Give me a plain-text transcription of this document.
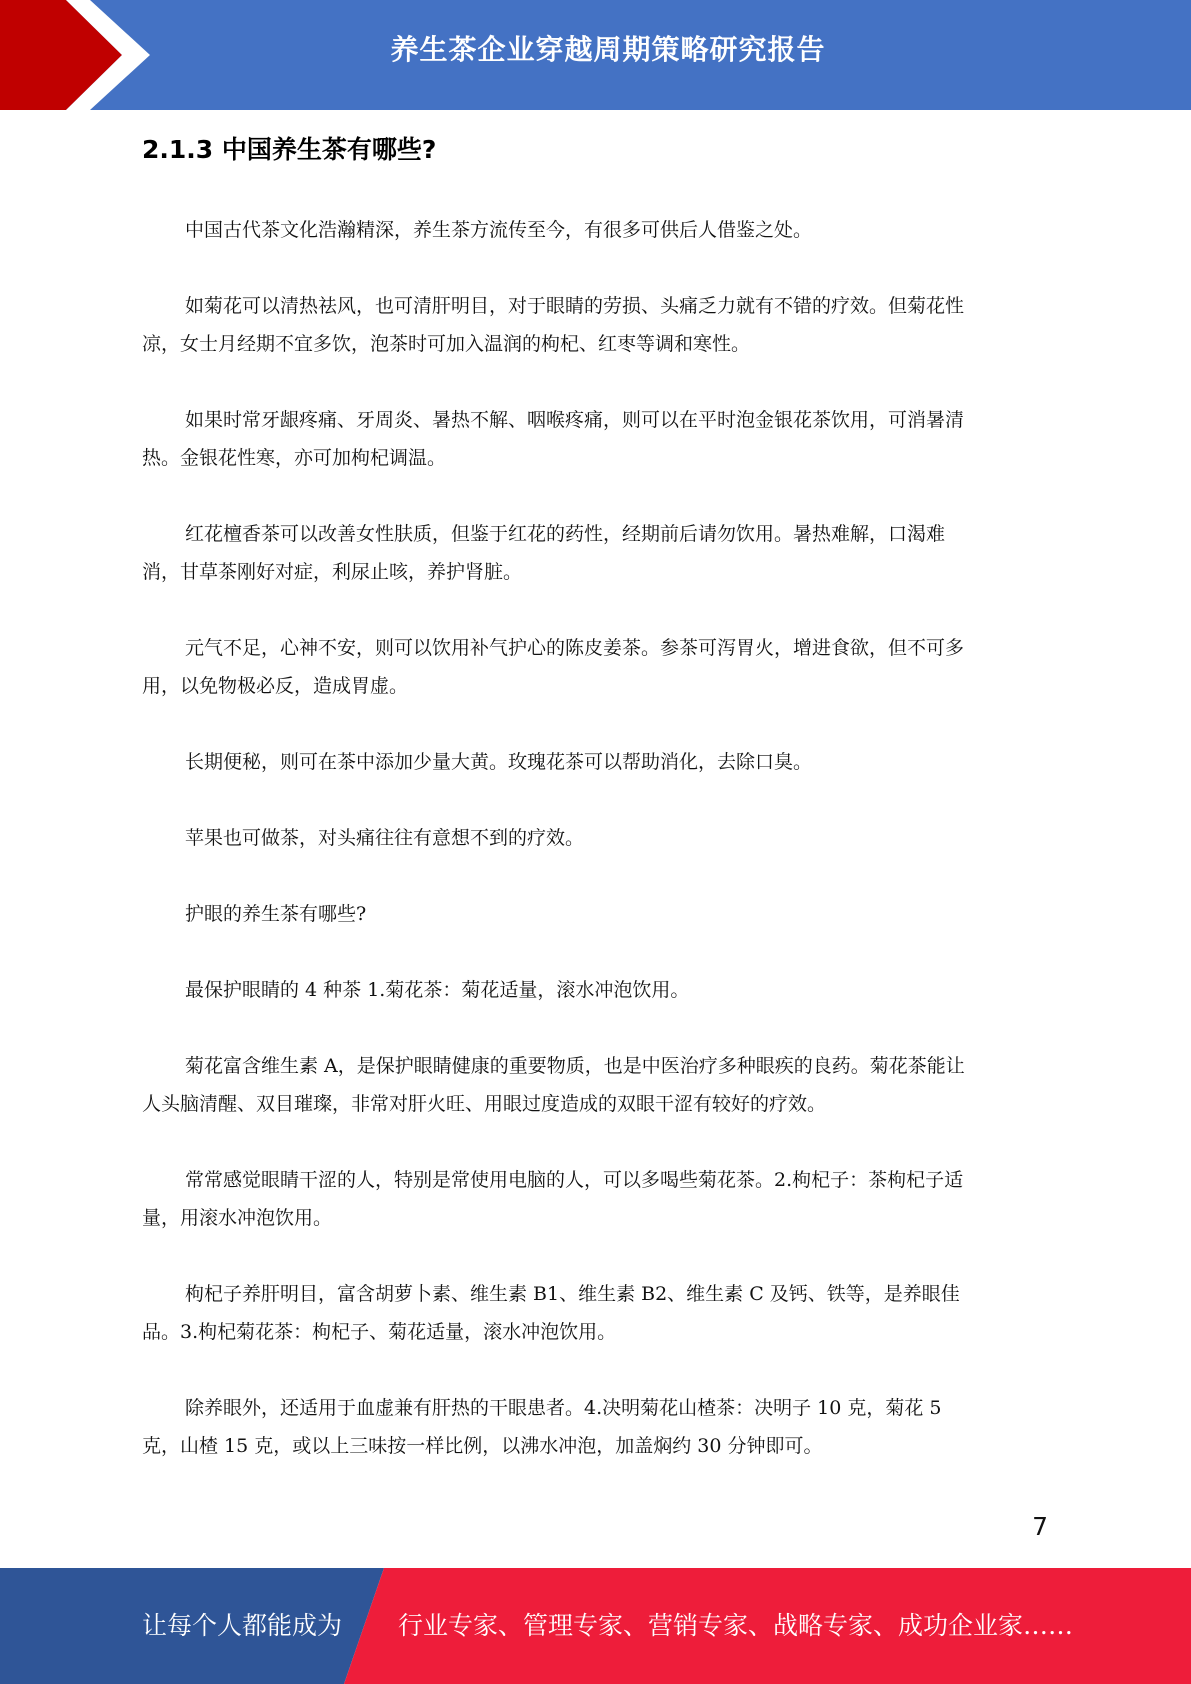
养生茶企业穿越周期策略研究报告
2.1.3 中国养生茶有哪些?

中国古代茶文化浩瀚精深，养生茶方流传至今，有很多可供后人借鉴之处。

如菊花可以清热祛风，也可清肝明目，对于眼睛的劳损、头痛乏力就有不错的疗效。但菊花性
凉，女士月经期不宜多饮，泡茶时可加入温润的枸杞、红枣等调和寒性。

如果时常牙龈疼痛、牙周炎、暑热不解、咽喉疼痛，则可以在平时泡金银花茶饮用，可消暑清
热。金银花性寒，亦可加枸杞调温。

红花檀香茶可以改善女性肤质，但鉴于红花的药性，经期前后请勿饮用。暑热难解，口渴难
消，甘草茶刚好对症，利尿止咳，养护肾脏。

元气不足，心神不安，则可以饮用补气护心的陈皮姜茶。参茶可泻胃火，增进食欲，但不可多
用，以免物极必反，造成胃虚。

长期便秘，则可在茶中添加少量大黄。玫瑰花茶可以帮助消化，去除口臭。

苹果也可做茶，对头痛往往有意想不到的疗效。

护眼的养生茶有哪些?

最保护眼睛的 4 种茶 1.菊花茶：菊花适量，滚水冲泡饮用。

菊花富含维生素 A，是保护眼睛健康的重要物质，也是中医治疗多种眼疾的良药。菊花茶能让
人头脑清醒、双目璀璨，非常对肝火旺、用眼过度造成的双眼干涩有较好的疗效。

常常感觉眼睛干涩的人，特别是常使用电脑的人，可以多喝些菊花茶。2.枸杞子：茶枸杞子适
量，用滚水冲泡饮用。

枸杞子养肝明目，富含胡萝卜素、维生素 B1、维生素 B2、维生素 C 及钙、铁等，是养眼佳
品。3.枸杞菊花茶：枸杞子、菊花适量，滚水冲泡饮用。

除养眼外，还适用于血虚兼有肝热的干眼患者。4.决明菊花山楂茶：决明子 10 克，菊花 5
克，山楂 15 克，或以上三味按一样比例，以沸水冲泡，加盖焖约 30 分钟即可。

7
让每个人都能成为 行业专家、管理专家、营销专家、战略专家、成功企业家……
